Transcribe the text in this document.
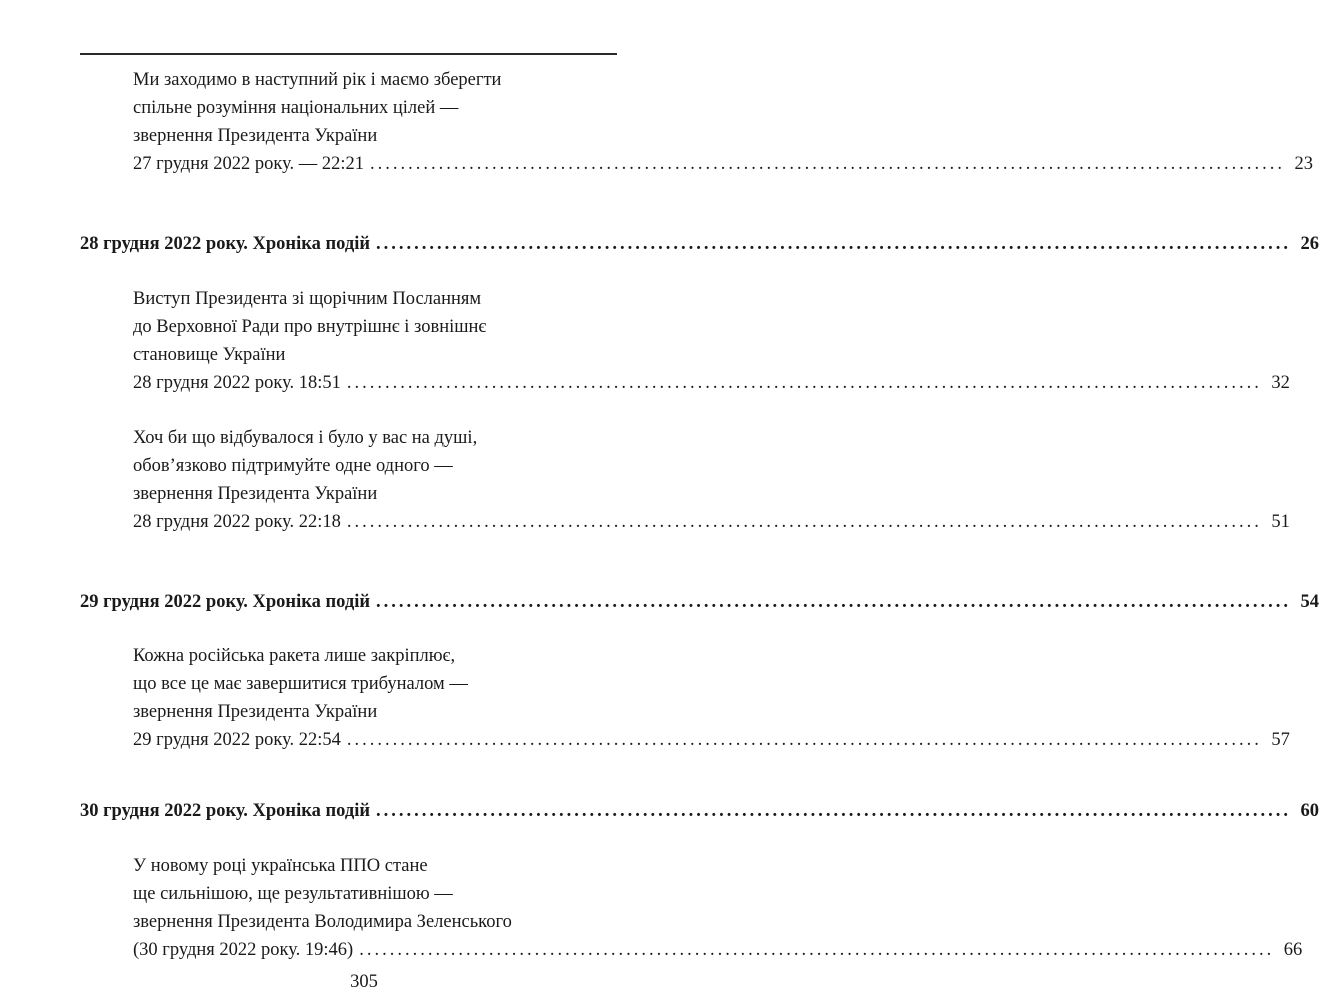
Ми заходимо в наступний рік і маємо зберегти
спільне розуміння національних цілей —
звернення Президента України
27 грудня 2022 року. — 22:21 ........................................................................................................................ 23
28 грудня 2022 року. Хроніка подій ........................................................................................................................ 26
Виступ Президента зі щорічним Посланням
до Верховної Ради про внутрішнє і зовнішнє
становище України
28 грудня 2022 року. 18:51 ........................................................................................................................ 32
Хоч би що відбувалося і було у вас на душі,
обов’язково підтримуйте одне одного —
звернення Президента України
28 грудня 2022 року. 22:18 ........................................................................................................................ 51
29 грудня 2022 року. Хроніка подій ........................................................................................................................ 54
Кожна російська ракета лише закріплює,
що все це має завершитися трибуналом —
звернення Президента України
29 грудня 2022 року. 22:54 ........................................................................................................................ 57
30 грудня 2022 року. Хроніка подій ........................................................................................................................ 60
У новому році українська ППО стане
ще сильнішою, ще результативнішою —
звернення Президента Володимира Зеленського
(30 грудня 2022 року. 19:46) ........................................................................................................................ 66
305
